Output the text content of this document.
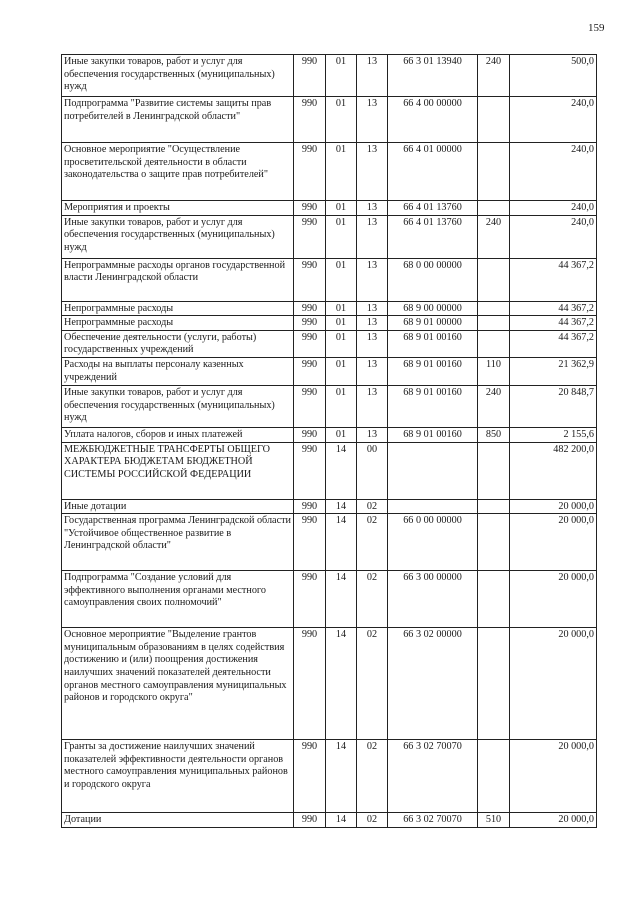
159
Иные закупки товаров, работ и услуг для обеспечения государственных (муниципальных) нужд	990	01	13	66 3 01 13940	240	500,0
Подпрограмма "Развитие системы защиты прав потребителей в Ленинградской области"	990	01	13	66 4 00 00000		240,0
Основное мероприятие "Осуществление просветительской деятельности в области законодательства о защите прав потребителей"	990	01	13	66 4 01 00000		240,0
Мероприятия и проекты	990	01	13	66 4 01 13760		240,0
Иные закупки товаров, работ и услуг для обеспечения государственных (муниципальных) нужд	990	01	13	66 4 01 13760	240	240,0
Непрограммные расходы органов государственной власти Ленинградской области	990	01	13	68 0 00 00000		44 367,2
Непрограммные расходы	990	01	13	68 9 00 00000		44 367,2
Непрограммные расходы	990	01	13	68 9 01 00000		44 367,2
Обеспечение деятельности (услуги, работы) государственных учреждений	990	01	13	68 9 01 00160		44 367,2
Расходы на выплаты персоналу казенных учреждений	990	01	13	68 9 01 00160	110	21 362,9
Иные закупки товаров, работ и услуг для обеспечения государственных (муниципальных) нужд	990	01	13	68 9 01 00160	240	20 848,7
Уплата налогов, сборов и иных платежей	990	01	13	68 9 01 00160	850	2 155,6
МЕЖБЮДЖЕТНЫЕ ТРАНСФЕРТЫ ОБЩЕГО ХАРАКТЕРА БЮДЖЕТАМ БЮДЖЕТНОЙ СИСТЕМЫ РОССИЙСКОЙ ФЕДЕРАЦИИ	990	14	00			482 200,0
Иные дотации	990	14	02			20 000,0
Государственная программа Ленинградской области "Устойчивое общественное развитие в Ленинградской области"	990	14	02	66 0 00 00000		20 000,0
Подпрограмма "Создание условий для эффективного выполнения органами местного самоуправления своих полномочий"	990	14	02	66 3 00 00000		20 000,0
Основное мероприятие "Выделение грантов муниципальным образованиям в целях содействия достижению и (или) поощрения достижения наилучших значений показателей деятельности органов местного самоуправления муниципальных районов и городского округа"	990	14	02	66 3 02 00000		20 000,0
Гранты за достижение наилучших значений показателей эффективности деятельности органов местного самоуправления муниципальных районов и городского округа	990	14	02	66 3 02 70070		20 000,0
Дотации	990	14	02	66 3 02 70070	510	20 000,0
